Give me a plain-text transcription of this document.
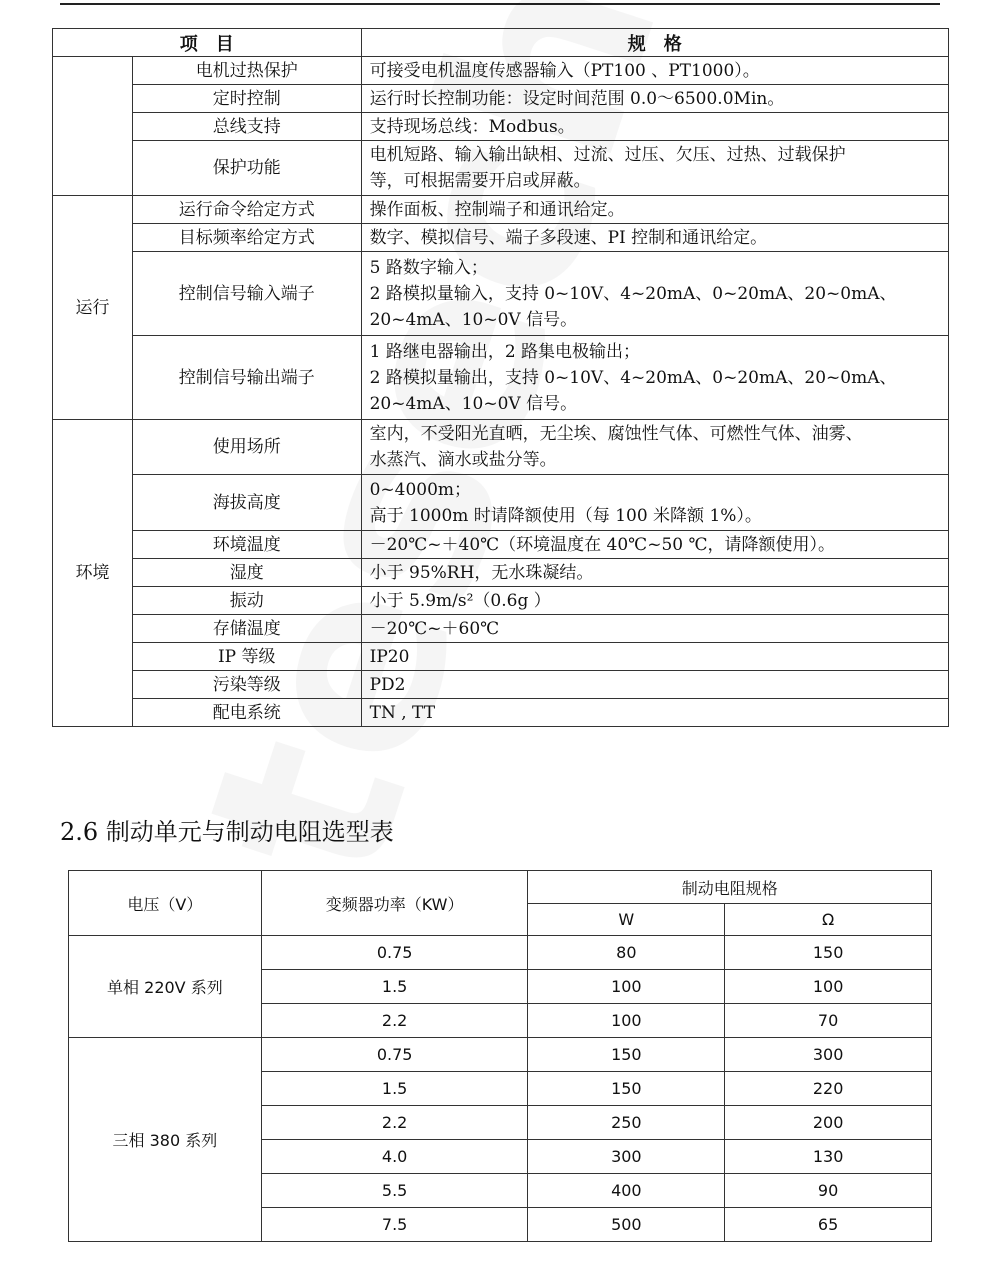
项　目		规　格
	电机过热保护	可接受电机温度传感器输入（PT100 、PT1000）。

	定时控制	运行时长控制功能：设定时间范围 0.0～6500.0Min。

	总线支持	支持现场总线：Modbus。

	保护功能	电机短路、输入输出缺相、过流、过压、欠压、过热、过载保护
等，可根据需要开启或屏蔽。

运行	运行命令给定方式	操作面板、控制端子和通讯给定。

	目标频率给定方式	数字、模拟信号、端子多段速、PI 控制和通讯给定。

	控制信号输入端子	5 路数字输入；
2 路模拟量输入，支持 0~10V、4~20mA、0~20mA、20~0mA、
20~4mA、10~0V 信号。

	控制信号输出端子	1 路继电器输出，2 路集电极输出；
2 路模拟量输出，支持 0~10V、4~20mA、0~20mA、20~0mA、
20~4mA、10~0V 信号。

环境	使用场所	室内，不受阳光直晒，无尘埃、腐蚀性气体、可燃性气体、油雾、
水蒸汽、滴水或盐分等。

	海拔高度	0~4000m；
高于 1000m 时请降额使用（每 100 米降额 1%）。

	环境温度	－20℃~＋40℃（环境温度在 40℃~50 ℃，请降额使用）。

	湿度	小于 95%RH，无水珠凝结。

	振动	小于 5.9m/s²（0.6g ）

	存储温度	－20℃~＋60℃

	IP 等级	IP20

	污染等级	PD2

	配电系统	TN , TT
2.6 制动单元与制动电阻选型表
电压（V）	变频器功率（KW）	制动电阻规格	
		W	Ω
单相 220V 系列	0.75	80	150
	1.5	100	100
	2.2	100	70
三相 380 系列	0.75	150	300
	1.5	150	220
	2.2	250	200
	4.0	300	130
	5.5	400	90
	7.5	500	65
